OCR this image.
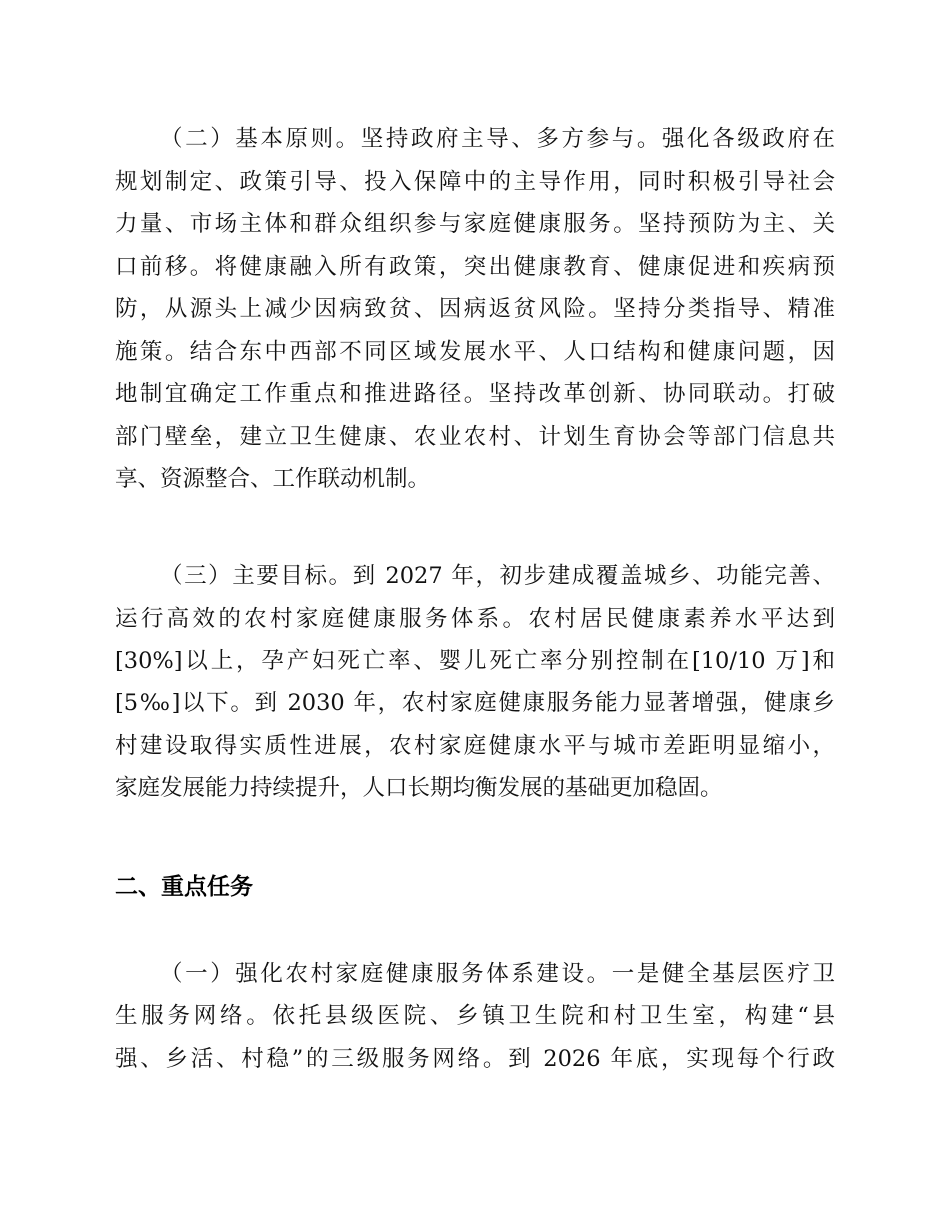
（二）基本原则。坚持政府主导、多方参与。强化各级政府在
规划制定、政策引导、投入保障中的主导作用，同时积极引导社会
力量、市场主体和群众组织参与家庭健康服务。坚持预防为主、关
口前移。将健康融入所有政策，突出健康教育、健康促进和疾病预
防，从源头上减少因病致贫、因病返贫风险。坚持分类指导、精准
施策。结合东中西部不同区域发展水平、人口结构和健康问题，因
地制宜确定工作重点和推进路径。坚持改革创新、协同联动。打破
部门壁垒，建立卫生健康、农业农村、计划生育协会等部门信息共
享、资源整合、工作联动机制。
（三）主要目标。到 2027 年，初步建成覆盖城乡、功能完善、
运行高效的农村家庭健康服务体系。农村居民健康素养水平达到
[30%]以上，孕产妇死亡率、婴儿死亡率分别控制在[10/10 万]和
[5‰]以下。到 2030 年，农村家庭健康服务能力显著增强，健康乡
村建设取得实质性进展，农村家庭健康水平与城市差距明显缩小，
家庭发展能力持续提升，人口长期均衡发展的基础更加稳固。
二、重点任务
（一）强化农村家庭健康服务体系建设。一是健全基层医疗卫
生服务网络。依托县级医院、乡镇卫生院和村卫生室，构建“县
强、乡活、村稳”的三级服务网络。到 2026 年底，实现每个行政
